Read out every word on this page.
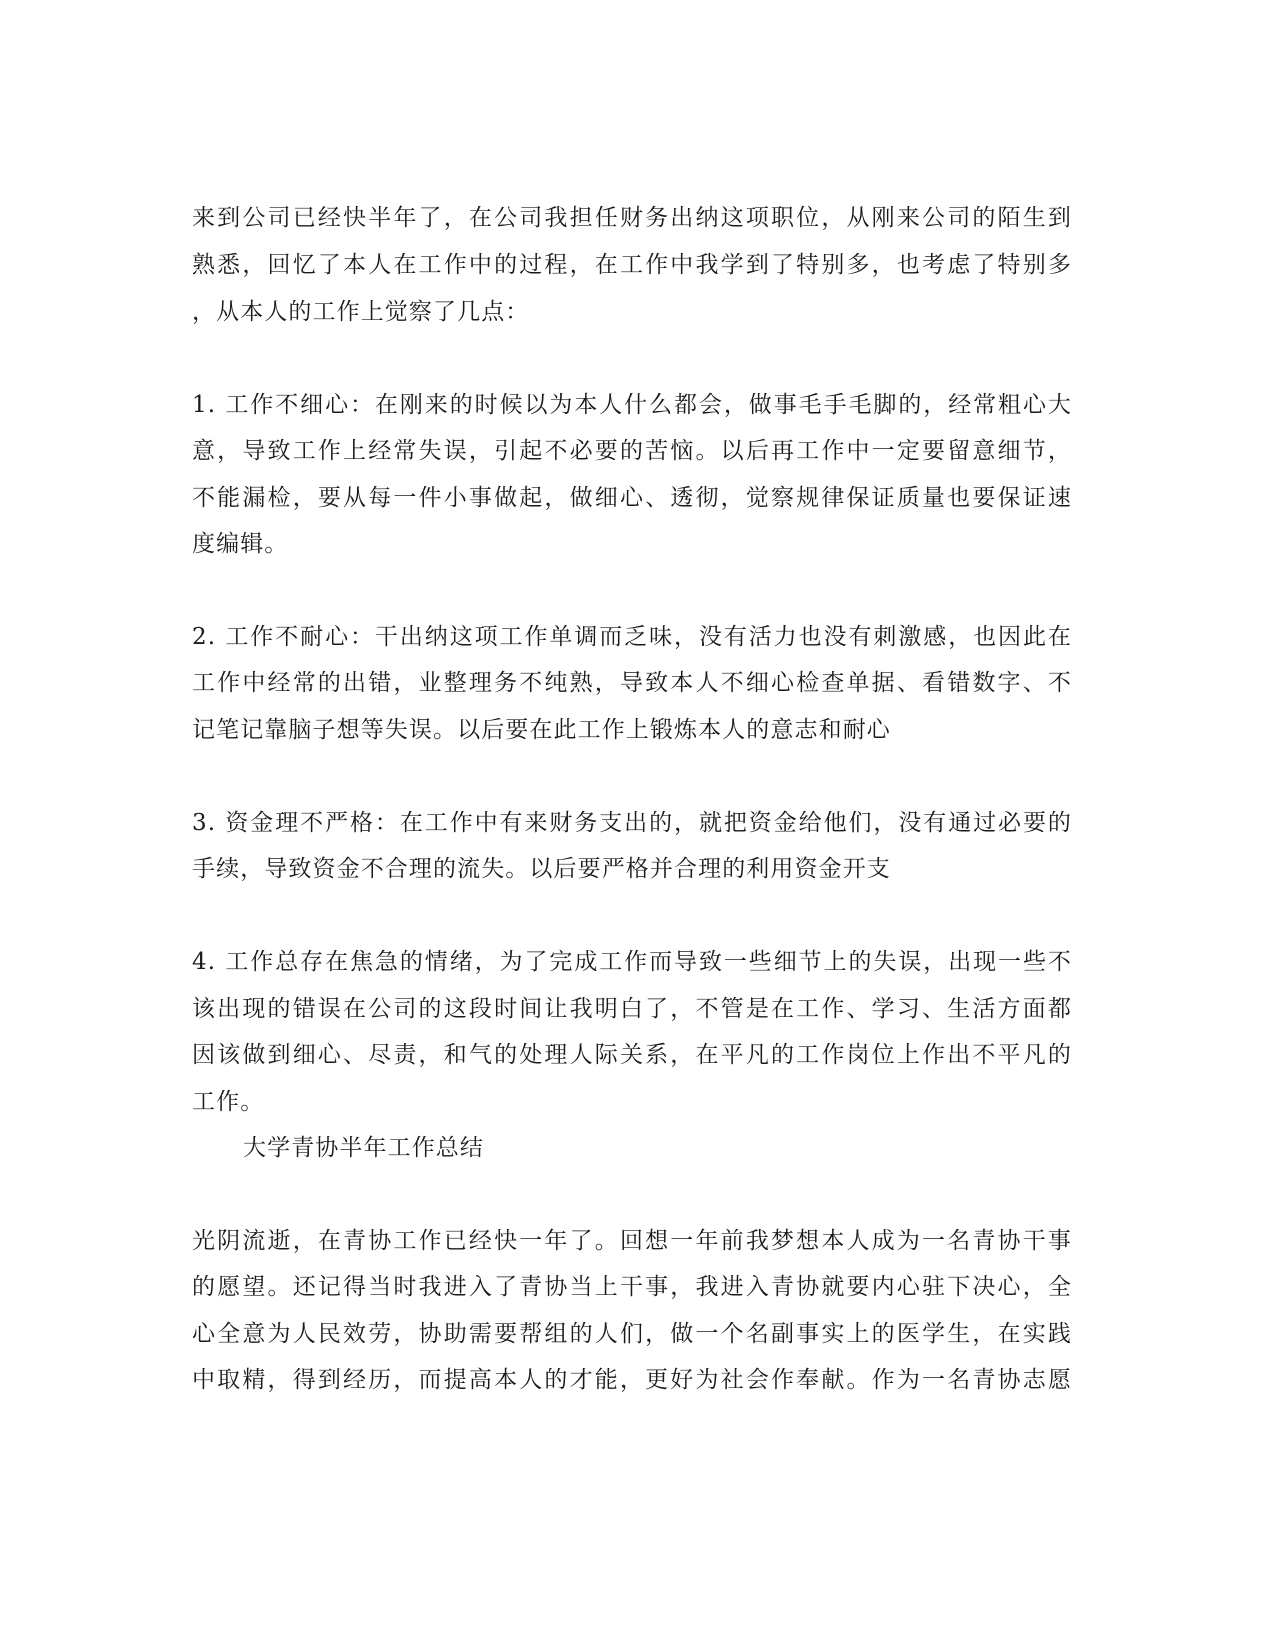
来到公司已经快半年了，在公司我担任财务出纳这项职位，从刚来公司的陌生到
熟悉，回忆了本人在工作中的过程，在工作中我学到了特别多，也考虑了特别多
，从本人的工作上觉察了几点：
1. 工作不细心：在刚来的时候以为本人什么都会，做事毛手毛脚的，经常粗心大
意，导致工作上经常失误，引起不必要的苦恼。以后再工作中一定要留意细节，
不能漏检，要从每一件小事做起，做细心、透彻，觉察规律保证质量也要保证速
度编辑。
2. 工作不耐心：干出纳这项工作单调而乏味，没有活力也没有刺激感，也因此在
工作中经常的出错，业整理务不纯熟，导致本人不细心检查单据、看错数字、不
记笔记靠脑子想等失误。以后要在此工作上锻炼本人的意志和耐心
3. 资金理不严格：在工作中有来财务支出的，就把资金给他们，没有通过必要的
手续，导致资金不合理的流失。以后要严格并合理的利用资金开支
4. 工作总存在焦急的情绪，为了完成工作而导致一些细节上的失误，出现一些不
该出现的错误在公司的这段时间让我明白了，不管是在工作、学习、生活方面都
因该做到细心、尽责，和气的处理人际关系，在平凡的工作岗位上作出不平凡的
工作。
大学青协半年工作总结
光阴流逝，在青协工作已经快一年了。回想一年前我梦想本人成为一名青协干事
的愿望。还记得当时我进入了青协当上干事，我进入青协就要内心驻下决心，全
心全意为人民效劳，协助需要帮组的人们，做一个名副事实上的医学生，在实践
中取精，得到经历，而提高本人的才能，更好为社会作奉献。作为一名青协志愿
